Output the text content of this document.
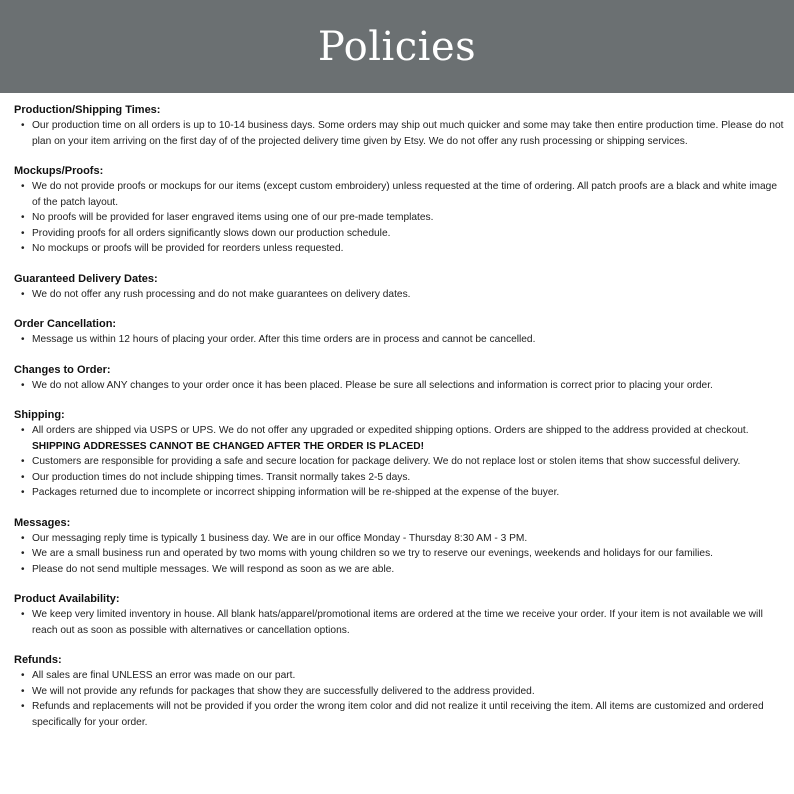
Policies
Production/Shipping Times:
• Our production time on all orders is up to 10-14 business days. Some orders may ship out much quicker and some may take then entire production time. Please do not plan on your item arriving on the first day of of the projected delivery time given by Etsy. We do not offer any rush processing or shipping services.
Mockups/Proofs:
• We do not provide proofs or mockups for our items (except custom embroidery) unless requested at the time of ordering. All patch proofs are a black and white image of the patch layout.
• No proofs will be provided for laser engraved items using one of our pre-made templates.
• Providing proofs for all orders significantly slows down our production schedule.
• No mockups or proofs will be provided for reorders unless requested.
Guaranteed Delivery Dates:
• We do not offer any rush processing and do not make guarantees on delivery dates.
Order Cancellation:
• Message us within 12 hours of placing your order. After this time orders are in process and cannot be cancelled.
Changes to Order:
• We do not allow ANY changes to your order once it has been placed. Please be sure all selections and information is correct prior to placing your order.
Shipping:
• All orders are shipped via USPS or UPS. We do not offer any upgraded or expedited shipping options. Orders are shipped to the address provided at checkout.
SHIPPING ADDRESSES CANNOT BE CHANGED AFTER THE ORDER IS PLACED!
• Customers are responsible for providing a safe and secure location for package delivery. We do not replace lost or stolen items that show successful delivery.
• Our production times do not include shipping times. Transit normally takes 2-5 days.
• Packages returned due to incomplete or incorrect shipping information will be re-shipped at the expense of the buyer.
Messages:
• Our messaging reply time is typically 1 business day. We are in our office Monday - Thursday 8:30 AM - 3 PM.
• We are a small business run and operated by two moms with young children so we try to reserve our evenings, weekends and holidays for our families.
• Please do not send multiple messages. We will respond as soon as we are able.
Product Availability:
• We keep very limited inventory in house. All blank hats/apparel/promotional items are ordered at the time we receive your order. If your item is not available we will reach out as soon as possible with alternatives or cancellation options.
Refunds:
• All sales are final UNLESS an error was made on our part.
• We will not provide any refunds for packages that show they are successfully delivered to the address provided.
• Refunds and replacements will not be provided if you order the wrong item color and did not realize it until receiving the item. All items are customized and ordered specifically for your order.
